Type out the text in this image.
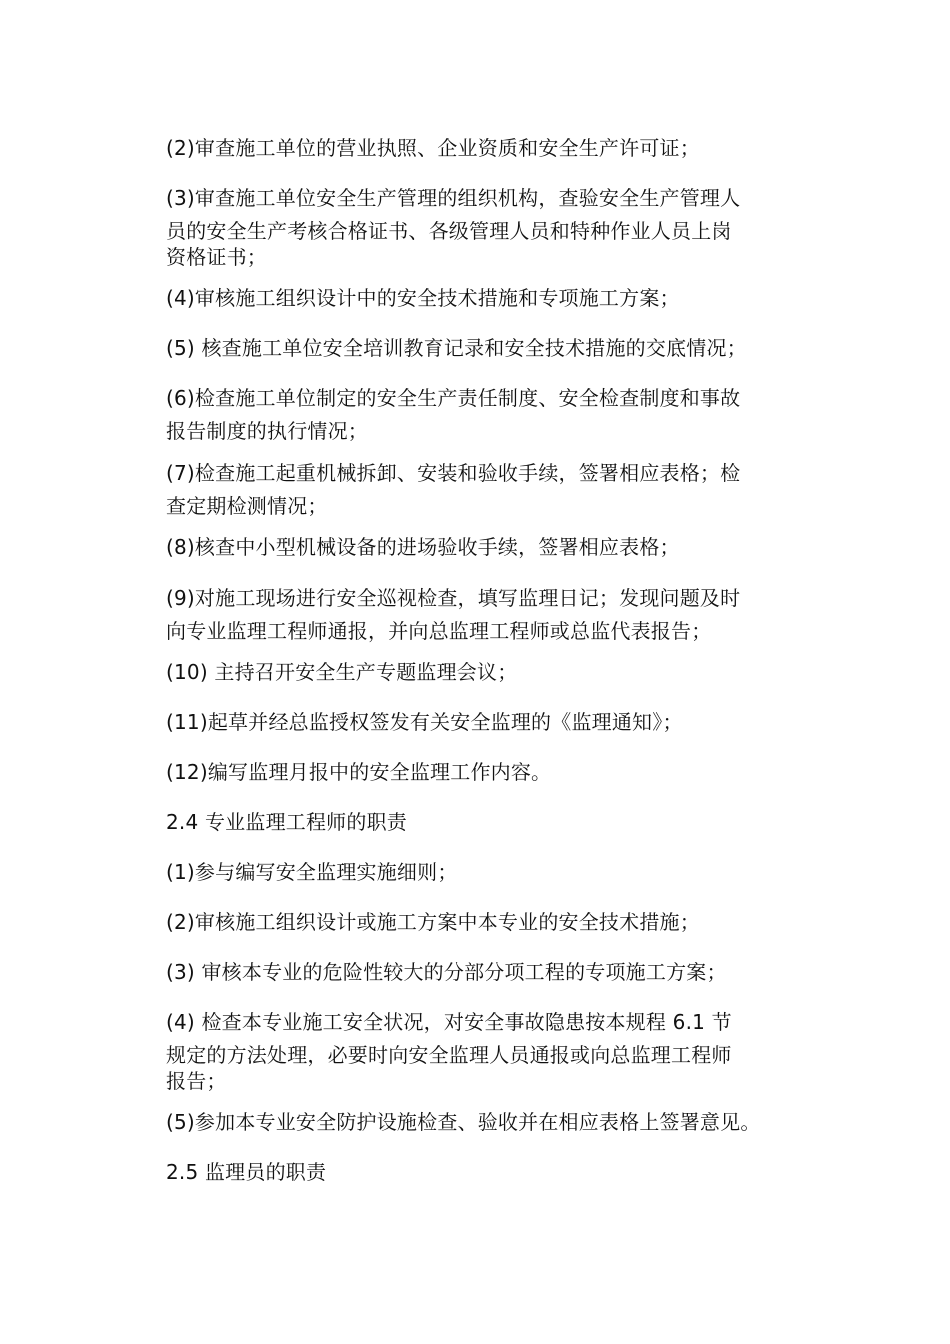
(2)审查施工单位的营业执照、企业资质和安全生产许可证；
(3)审查施工单位安全生产管理的组织机构，查验安全生产管理人
员的安全生产考核合格证书、各级管理人员和特种作业人员上岗
资格证书；
(4)审核施工组织设计中的安全技术措施和专项施工方案；
(5) 核查施工单位安全培训教育记录和安全技术措施的交底情况；
(6)检查施工单位制定的安全生产责任制度、安全检查制度和事故
报告制度的执行情况；
(7)检查施工起重机械拆卸、安装和验收手续，签署相应表格；检
查定期检测情况；
(8)核查中小型机械设备的进场验收手续，签署相应表格；
(9)对施工现场进行安全巡视检查，填写监理日记；发现问题及时
向专业监理工程师通报，并向总监理工程师或总监代表报告；
(10) 主持召开安全生产专题监理会议；
(11)起草并经总监授权签发有关安全监理的《监理通知》；
(12)编写监理月报中的安全监理工作内容。
2.4 专业监理工程师的职责
(1)参与编写安全监理实施细则；
(2)审核施工组织设计或施工方案中本专业的安全技术措施；
(3) 审核本专业的危险性较大的分部分项工程的专项施工方案；
(4) 检查本专业施工安全状况，对安全事故隐患按本规程 6.1 节
规定的方法处理，必要时向安全监理人员通报或向总监理工程师
报告；
(5)参加本专业安全防护设施检查、验收并在相应表格上签署意见。
2.5 监理员的职责
